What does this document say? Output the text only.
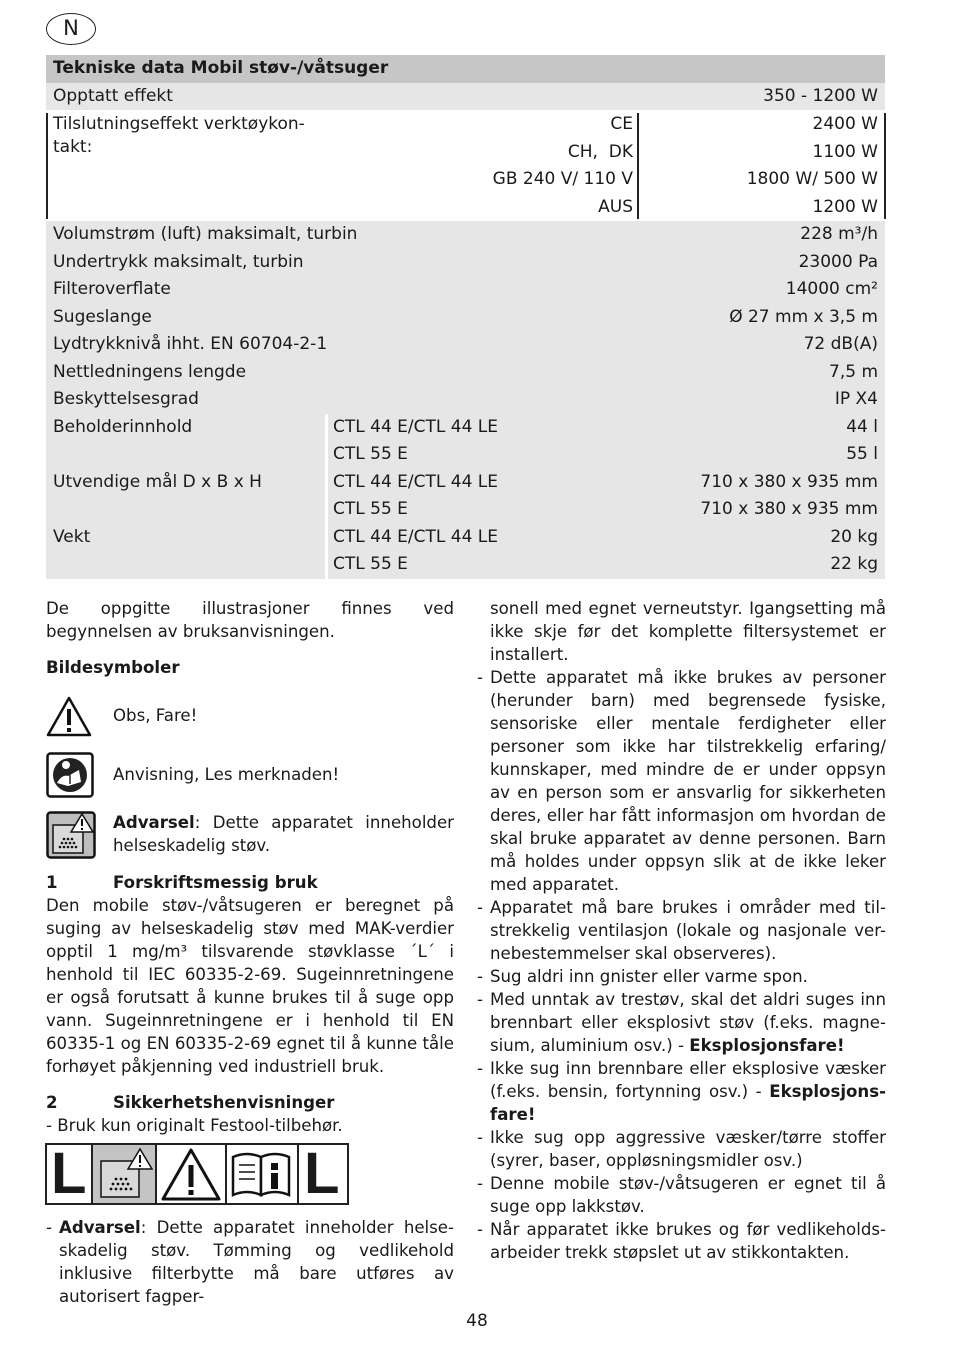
N
Tekniske data Mobil støv-/våtsuger
Opptatt effekt	350 - 1200 W
Tilslutningseffekt verktøykon-
takt:
CE	2400 W
CH,  DK	1100 W
GB 240 V/ 110 V	1800 W/ 500 W
AUS	1200 W
Volumstrøm (luft) maksimalt, turbin	228 m³/h
Undertrykk maksimalt, turbin	23000 Pa
Filteroverflate	14000 cm²
Sugeslange	Ø 27 mm x 3,5 m
Lydtrykknivå ihht. EN 60704-2-1	72 dB(A)
Nettledningens lengde	7,5 m
Beskyttelsesgrad	IP X4
Beholderinnhold	CTL 44 E/CTL 44 LE	44 l
CTL 55 E	55 l
Utvendige mål D x B x H	CTL 44 E/CTL 44 LE	710 x 380 x 935 mm
CTL 55 E	710 x 380 x 935 mm
Vekt	CTL 44 E/CTL 44 LE	20 kg
CTL 55 E	22 kg

De oppgitte illustrasjoner finnes ved begynnelsen av bruksanvisningen.

Bildesymboler

Obs, Fare!
Anvisning, Les merknaden!
Advarsel: Dette apparatet inneholder helseskadelig støv.

1	Forskriftsmessig bruk

Den mobile støv-/våtsugeren er beregnet på suging av helseskadelig støv med MAK-verdier opptil 1 mg/m³ tilsvarende støvklasse ´L´ i henhold til IEC 60335-2-69. Sugeinnretningene er også forutsatt å kunne brukes til å suge opp vann. Sugeinnretningene er i henhold til EN 60335-1 og EN 60335-2-69 egnet til å kunne tåle forhøyet påkjenning ved industriell bruk.

2	Sikkerhetshenvisninger

- Bruk kun originalt Festool-tilbehør.

L	L

- Advarsel: Dette apparatet inneholder helse-skadelig støv. Tømming og vedlikehold inklusive filterbytte må bare utføres av autorisert fagper-

sonell med egnet verneutstyr. Igangsetting må ikke skje før det komplette filtersystemet er installert.

- Dette apparatet må ikke brukes av personer (herunder barn) med begrensede fysiske, sensoriske eller mentale ferdigheter eller personer som ikke har tilstrekkelig erfaring/ kunnskaper, med mindre de er under oppsyn av en person som er ansvarlig for sikkerheten deres, eller har fått informasjon om hvordan de skal bruke apparatet av denne personen. Barn må holdes under oppsyn slik at de ikke leker med apparatet.

- Apparatet må bare brukes i områder med til-strekkelig ventilasjon (lokale og nasjonale ver-nebestemmelser skal observeres).

- Sug aldri inn gnister eller varme spon.

- Med unntak av trestøv, skal det aldri suges inn brennbart eller eksplosivt støv (f.eks. magne-sium, aluminium osv.) - Eksplosjonsfare!

- Ikke sug inn brennbare eller eksplosive væsker (f.eks. bensin, fortynning osv.) - Eksplosjons-fare!

- Ikke sug opp aggressive væsker/tørre stoffer (syrer, baser, oppløsningsmidler osv.)

- Denne mobile støv-/våtsugeren er egnet til å suge opp lakkstøv.

- Når apparatet ikke brukes og før vedlikeholds-arbeider trekk støpslet ut av stikkontakten.

48
